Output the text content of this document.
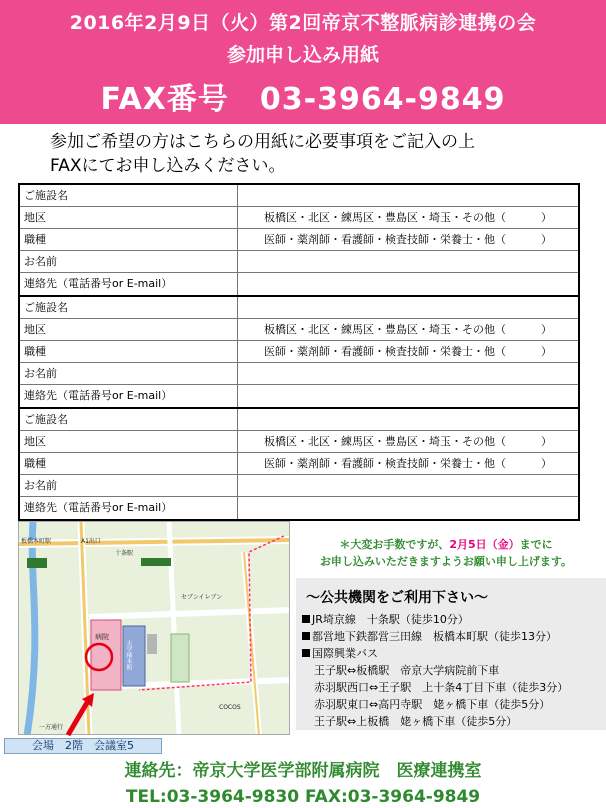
2016年2月9日（火）第2回帝京不整脈病診連携の会
参加申し込み用紙
FAX番号　03-3964-9849
参加ご希望の方はこちらの用紙に必要事項をご記入の上
FAXにてお申し込みください。
ご施設名
地区	板橋区・北区・練馬区・豊島区・埼玉・その他（	）
職種	医師・薬剤師・看護師・検査技師・栄養士・他（	）
お名前
連絡先（電話番号or E-mail）
ご施設名
地区	板橋区・北区・練馬区・豊島区・埼玉・その他（	）
職種	医師・薬剤師・看護師・検査技師・栄養士・他（	）
お名前
連絡先（電話番号or E-mail）
ご施設名
地区	板橋区・北区・練馬区・豊島区・埼玉・その他（	）
職種	医師・薬剤師・看護師・検査技師・栄養士・他（	）
お名前
連絡先（電話番号or E-mail）
板橋本町駅	A1出口
十条駅
セブンイレブン
病院
大学棟本館
COCOS
一方通行
会場　2階　会議室5
＊大変お手数ですが、2月5日（金）までに
お申し込みいただきますようお願い申し上げます。
～公共機関をご利用下さい～
JR埼京線　十条駅（徒歩10分）
都営地下鉄都営三田線　板橋本町駅（徒歩13分）
国際興業バス
王子駅⇔板橋駅　帝京大学病院前下車
赤羽駅西口⇔王子駅　上十条4丁目下車（徒歩3分）
赤羽駅東口⇔高円寺駅　姥ヶ橋下車（徒歩5分）
王子駅⇔上板橋　姥ヶ橋下車（徒歩5分）
連絡先：帝京大学医学部附属病院　医療連携室
TEL:03-3964-9830 FAX:03-3964-9849
